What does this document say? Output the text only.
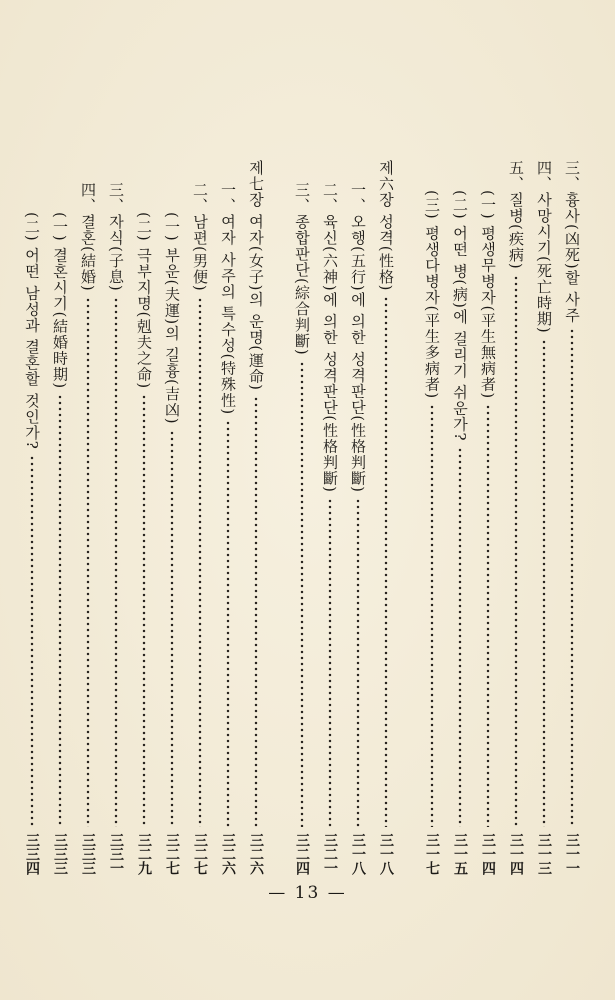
三、흉사(凶死)할 사주
三一一
四、사망시기(死亡時期)
三一三
五、질병(疾病)
三一四
(一) 평생무병자(平生無病者)
三一四
(二) 어떤 병(病)에 걸리기 쉬운가?
三一五
(三) 평생다병자(平生多病者)
三一七
제六장 성격(性格)
三一八
一、오행(五行)에 의한 성격판단(性格判斷)
三一八
二、육신(六神)에 의한 성격판단(性格判斷)
三二一
三、종합판단(綜合判斷)
三二四
제七장 여자(女子)의 운명(運命)
三二六
一、여자 사주의 특수성(特殊性)
三二六
二、남편(男便)
三二七
(一) 부운(夫運)의 길흉(吉凶)
三二七
(二) 극부지명(剋夫之命)
三二九
三、자식(子息)
三三一
四、결혼(結婚)
三三三
(一) 결혼시기(結婚時期)
三三三
(二) 어떤 남성과 결혼할 것인가?
三三四
— 13 —
